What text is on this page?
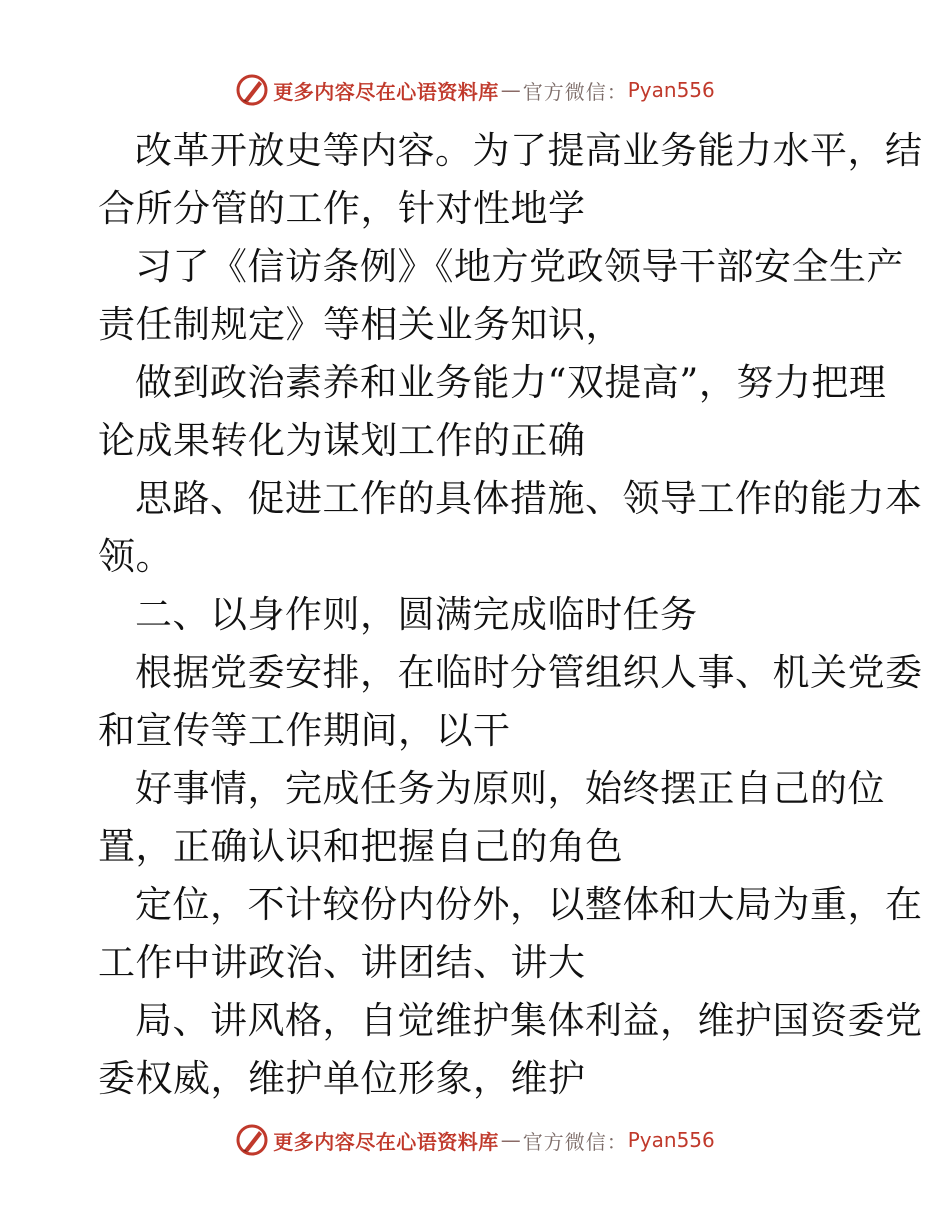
更多内容尽在心语资料库 — 官方微信： Pyan556

改革开放史等内容。为了提高业务能力水平，结

合所分管的工作，针对性地学

习了《信访条例》《地方党政领导干部安全生产

责任制规定》等相关业务知识，

做到政治素养和业务能力“双提高”，努力把理

论成果转化为谋划工作的正确

思路、促进工作的具体措施、领导工作的能力本

领。

二、以身作则，圆满完成临时任务

根据党委安排，在临时分管组织人事、机关党委

和宣传等工作期间，以干

好事情，完成任务为原则，始终摆正自己的位

置，正确认识和把握自己的角色

定位，不计较份内份外，以整体和大局为重，在

工作中讲政治、讲团结、讲大

局、讲风格，自觉维护集体利益，维护国资委党

委权威，维护单位形象，维护

更多内容尽在心语资料库 — 官方微信： Pyan556
